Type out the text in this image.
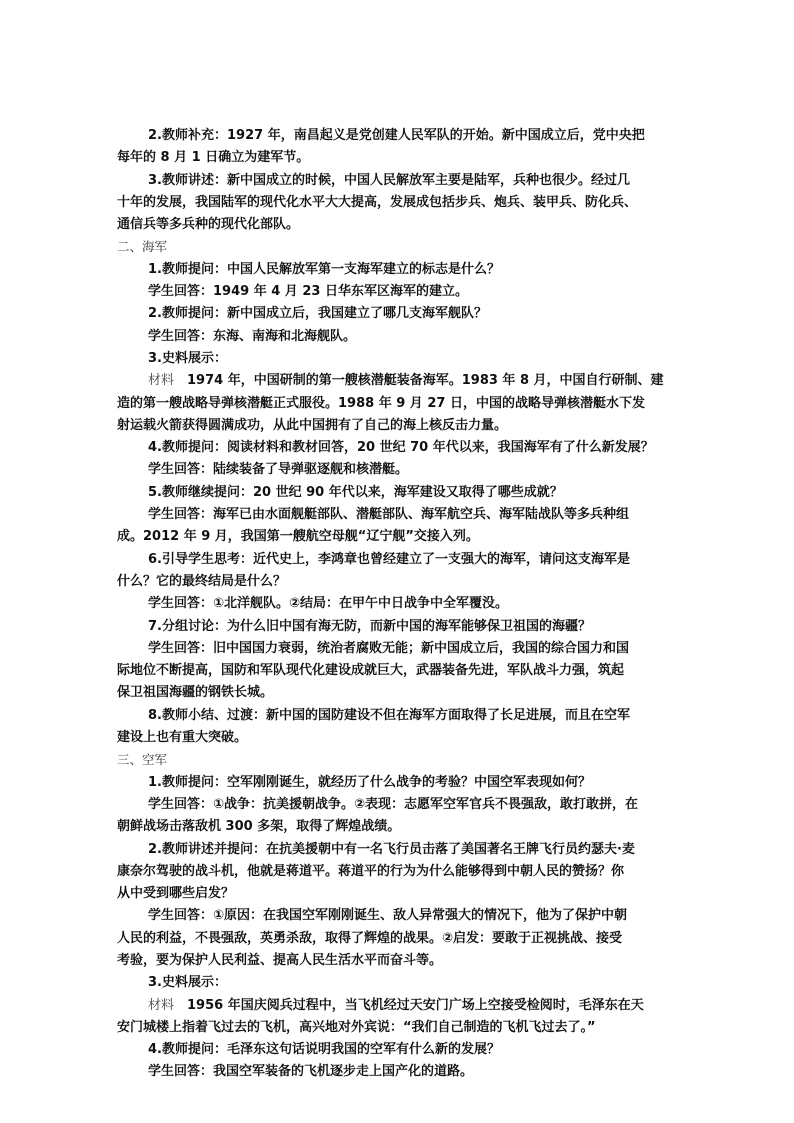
2.教师补充：1927 年，南昌起义是党创建人民军队的开始。新中国成立后，党中央把
每年的 8 月 1 日确立为建军节。
3.教师讲述：新中国成立的时候，中国人民解放军主要是陆军，兵种也很少。经过几
十年的发展，我国陆军的现代化水平大大提高，发展成包括步兵、炮兵、装甲兵、防化兵、
通信兵等多兵种的现代化部队。
二、海军
1.教师提问：中国人民解放军第一支海军建立的标志是什么？
学生回答：1949 年 4 月 23 日华东军区海军的建立。
2.教师提问：新中国成立后，我国建立了哪几支海军舰队？
学生回答：东海、南海和北海舰队。
3.史料展示：
材料　1974 年，中国研制的第一艘核潜艇装备海军。1983 年 8 月，中国自行研制、建
造的第一艘战略导弹核潜艇正式服役。1988 年 9 月 27 日，中国的战略导弹核潜艇水下发
射运载火箭获得圆满成功，从此中国拥有了自己的海上核反击力量。
4.教师提问：阅读材料和教材回答，20 世纪 70 年代以来，我国海军有了什么新发展？
学生回答：陆续装备了导弹驱逐舰和核潜艇。
5.教师继续提问：20 世纪 90 年代以来，海军建设又取得了哪些成就？
学生回答：海军已由水面舰艇部队、潜艇部队、海军航空兵、海军陆战队等多兵种组
成。2012 年 9 月，我国第一艘航空母舰“辽宁舰”交接入列。
6.引导学生思考：近代史上，李鸿章也曾经建立了一支强大的海军，请问这支海军是
什么？它的最终结局是什么？
学生回答：①北洋舰队。②结局：在甲午中日战争中全军覆没。
7.分组讨论：为什么旧中国有海无防，而新中国的海军能够保卫祖国的海疆？
学生回答：旧中国国力衰弱，统治者腐败无能；新中国成立后，我国的综合国力和国
际地位不断提高，国防和军队现代化建设成就巨大，武器装备先进，军队战斗力强，筑起
保卫祖国海疆的钢铁长城。
8.教师小结、过渡：新中国的国防建设不但在海军方面取得了长足进展，而且在空军
建设上也有重大突破。
三、空军
1.教师提问：空军刚刚诞生，就经历了什么战争的考验？中国空军表现如何？
学生回答：①战争：抗美援朝战争。②表现：志愿军空军官兵不畏强敌，敢打敢拼，在
朝鲜战场击落敌机 300 多架，取得了辉煌战绩。
2.教师讲述并提问：在抗美援朝中有一名飞行员击落了美国著名王牌飞行员约瑟夫·麦
康奈尔驾驶的战斗机，他就是蒋道平。蒋道平的行为为什么能够得到中朝人民的赞扬？你
从中受到哪些启发？
学生回答：①原因：在我国空军刚刚诞生、敌人异常强大的情况下，他为了保护中朝
人民的利益，不畏强敌，英勇杀敌，取得了辉煌的战果。②启发：要敢于正视挑战、接受
考验，要为保护人民利益、提高人民生活水平而奋斗等。
3.史料展示：
材料　1956 年国庆阅兵过程中，当飞机经过天安门广场上空接受检阅时，毛泽东在天
安门城楼上指着飞过去的飞机，高兴地对外宾说：“我们自己制造的飞机飞过去了。”
4.教师提问：毛泽东这句话说明我国的空军有什么新的发展？
学生回答：我国空军装备的飞机逐步走上国产化的道路。
